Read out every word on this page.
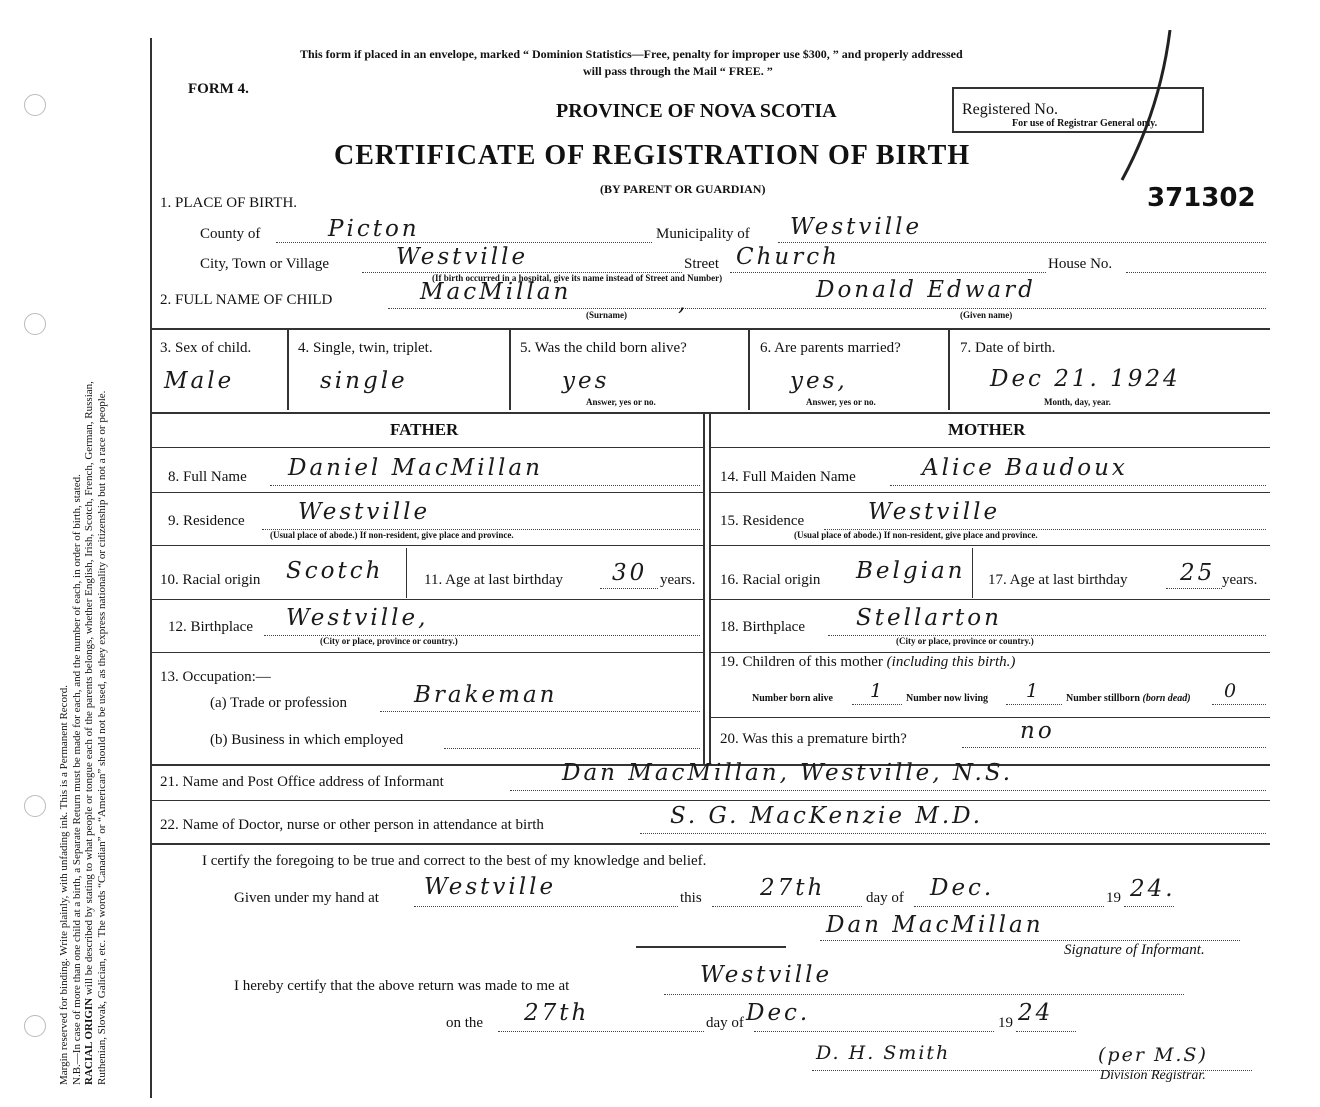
Margin reserved for binding. Write plainly, with unfading ink. This is a Permanent Record. N.B.—In case of more than one child at a birth, a Separate Return must be made for each, and the number of each, in order of birth, stated. RACIAL ORIGIN will be described by stating to what people or tongue each of the parents belongs, whether English, Irish, Scotch, French, German, Russian, Ruthenian, Slovak, Galician, etc. The words “Canadian” or “American” should not be used, as they express nationality or citizenship but not a race or people.
This form if placed in an envelope, marked “ Dominion Statistics—Free, penalty for improper use $300, ” and properly addressed
will pass through the Mail “ FREE. ”
FORM 4.
PROVINCE OF NOVA SCOTIA
CERTIFICATE OF REGISTRATION OF BIRTH
(BY PARENT OR GUARDIAN)
Registered No.
For use of Registrar General only.
371302
1. PLACE OF BIRTH.
County of	Picton	Municipality of Westville
City, Town or Village	Westville	Street Church	House No.
(If birth occurred in a hospital, give its name instead of Street and Number)
2. FULL NAME OF CHILD	MacMillan	,	Donald Edward
(Surname)	(Given name)
3. Sex of child.
Male
4. Single, twin, triplet.
single
5. Was the child born alive?
yes
Answer, yes or no.
6. Are parents married?
yes,
Answer, yes or no.
7. Date of birth.
Dec 21. 1924
Month, day, year.
FATHER	MOTHER
8. Full Name Daniel MacMillan	14. Full Maiden Name	Alice Baudoux
9. Residence Westville
(Usual place of abode.) If non-resident, give place and province.
15. Residence	Westville
(Usual place of abode.) If non-resident, give place and province.
10. Racial origin Scotch	11. Age at last birthday 30 years. 16. Racial origin Belgian 17. Age at last birthday 25 years.
12. Birthplace Westville,
(City or place, province or country.)
18. Birthplace Stellarton
(City or place, province or country.)
13. Occupation:—
(a) Trade or profession	Brakeman
(b) Business in which employed
19. Children of this mother (including this birth.)
Number born alive 1 Number now living 1	Number stillborn (born dead) 0
20. Was this a premature birth?	no
21. Name and Post Office address of Informant	Dan MacMillan, Westville, N.S.
22. Name of Doctor, nurse or other person in attendance at birth	S. G. MacKenzie M.D.
I certify the foregoing to be true and correct to the best of my knowledge and belief.
Given under my hand at Westville	this	27th	day of Dec.	19 24.
Dan MacMillan
Signature of Informant.
I hereby certify that the above return was made to me at	Westville
on the 27th	day of Dec.	19 24
D. H. Smith	(per M.S)
Division Registrar.
